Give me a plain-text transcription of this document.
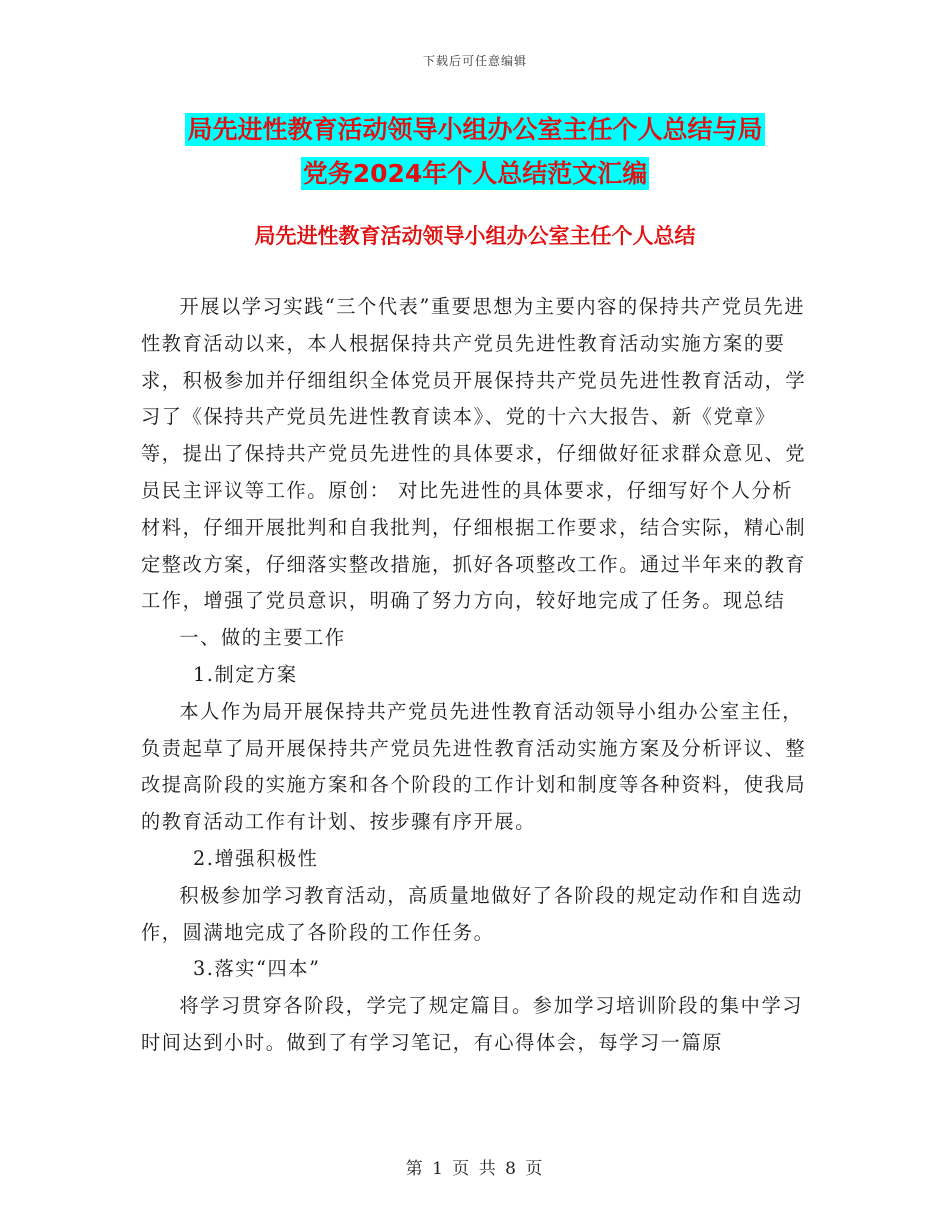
下载后可任意编辑
局先进性教育活动领导小组办公室主任个人总结与局
党务2024年个人总结范文汇编
局先进性教育活动领导小组办公室主任个人总结

开展以学习实践“三个代表”重要思想为主要内容的保持共产党员先进性教育活动以来，本人根据保持共产党员先进性教育活动实施方案的要求，积极参加并仔细组织全体党员开展保持共产党员先进性教育活动，学习了《保持共产党员先进性教育读本》、党的十六大报告、新《党章》等，提出了保持共产党员先进性的具体要求，仔细做好征求群众意见、党员民主评议等工作。原创： 对比先进性的具体要求，仔细写好个人分析材料，仔细开展批判和自我批判，仔细根据工作要求，结合实际，精心制定整改方案，仔细落实整改措施，抓好各项整改工作。通过半年来的教育工作，增强了党员意识，明确了努力方向，较好地完成了任务。现总结

一、做的主要工作

1.制定方案

本人作为局开展保持共产党员先进性教育活动领导小组办公室主任，负责起草了局开展保持共产党员先进性教育活动实施方案及分析评议、整改提高阶段的实施方案和各个阶段的工作计划和制度等各种资料，使我局的教育活动工作有计划、按步骤有序开展。

2.增强积极性

积极参加学习教育活动，高质量地做好了各阶段的规定动作和自选动作，圆满地完成了各阶段的工作任务。

3.落实“四本”

将学习贯穿各阶段，学完了规定篇目。参加学习培训阶段的集中学习时间达到小时。做到了有学习笔记，有心得体会，每学习一篇原

第 1 页 共 8 页
